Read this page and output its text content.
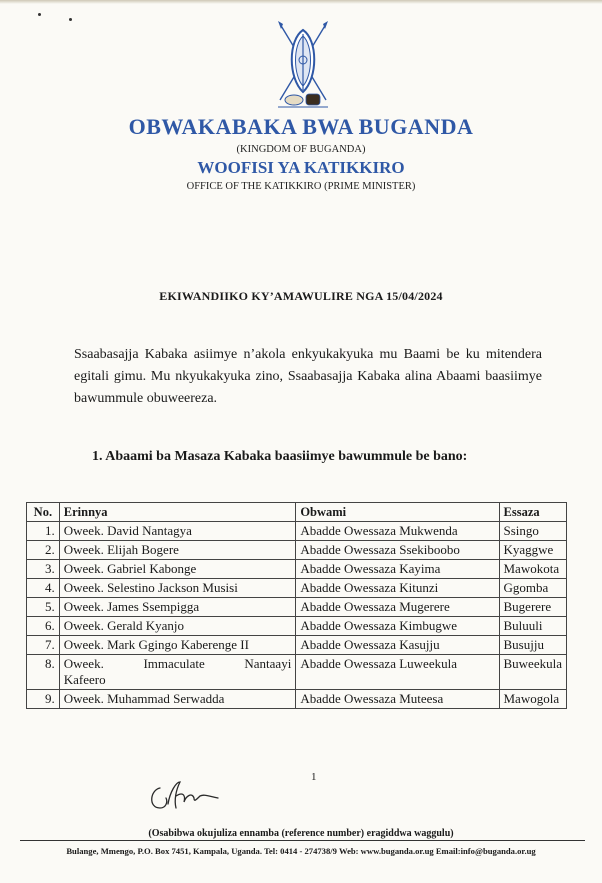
OBWAKABAKA BWA BUGANDA
(KINGDOM OF BUGANDA)
WOOFISI YA KATIKKIRO
OFFICE OF THE KATIKKIRO (PRIME MINISTER)
EKIWANDIIKO KY’AMAWULIRE NGA 15/04/2024

Ssaabasajja Kabaka asiimye n’akola enkyukakyuka mu Baami be ku mitendera egitali gimu. Mu nkyukakyuka zino, Ssaabasajja Kabaka alina Abaami baasiimye bawummule obuweereza.

1. Abaami ba Masaza Kabaka baasiimye bawummule be bano:
No.	Erinnya	Obwami	Essaza
1.	Oweek. David Nantagya	Abadde Owessaza Mukwenda	Ssingo
2.	Oweek. Elijah Bogere	Abadde Owessaza Ssekiboobo	Kyaggwe
3.	Oweek. Gabriel Kabonge	Abadde Owessaza Kayima	Mawokota
4.	Oweek. Selestino Jackson Musisi	Abadde Owessaza Kitunzi	Ggomba
5.	Oweek. James Ssempigga	Abadde Owessaza Mugerere	Bugerere
6.	Oweek. Gerald Kyanjo	Abadde Owessaza Kimbugwe	Buluuli
7.	Oweek. Mark Ggingo Kaberenge II	Abadde Owessaza Kasujju	Busujju
8.	Oweek. Immaculate Nantaayi
Kafeero	Abadde Owessaza Luweekula	Buweekula
9.	Oweek. Muhammad Serwadda	Abadde Owessaza Muteesa	Mawogola
1
(Osabibwa okujuliza ennamba (reference number) eragiddwa waggulu)
Bulange, Mmengo, P.O. Box 7451, Kampala, Uganda. Tel: 0414 - 274738/9 Web: www.buganda.or.ug Email:info@buganda.or.ug
